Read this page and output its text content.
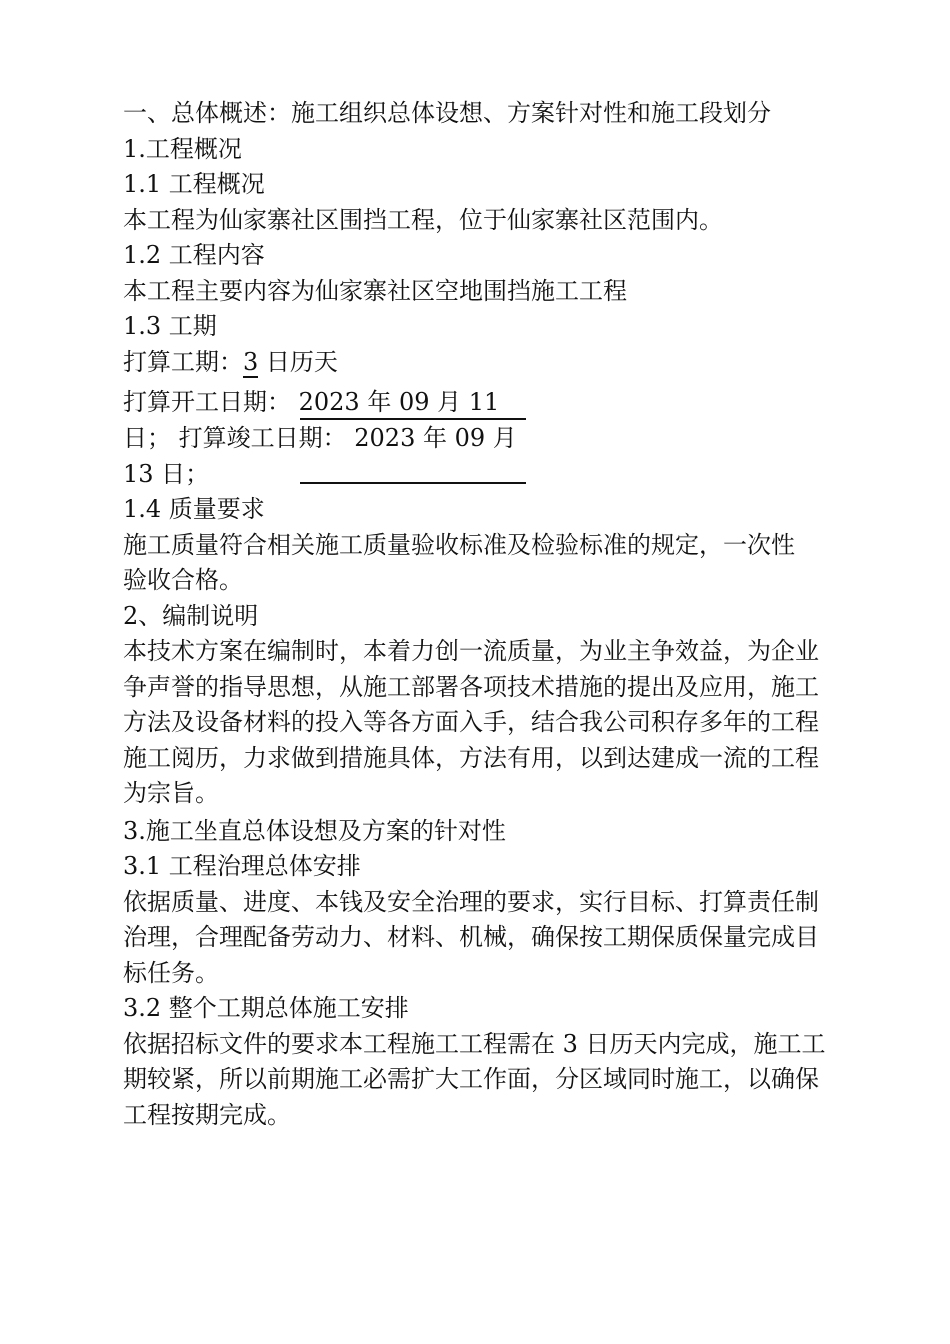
一、总体概述：施工组织总体设想、方案针对性和施工段划分
1.工程概况
1.1 工程概况
本工程为仙家寨社区围挡工程，位于仙家寨社区范围内。
1.2 工程内容
本工程主要内容为仙家寨社区空地围挡施工工程
1.3 工期
打算工期：3 日历天
打算开工日期： 2023 年 09 月 11
日； 打算竣工日期： 2023 年 09 月
13 日；
1.4 质量要求
施工质量符合相关施工质量验收标准及检验标准的规定，一次性
验收合格。
2、编制说明
本技术方案在编制时，本着力创一流质量，为业主争效益，为企业争声誉的指导思想，从施工部署各项技术措施的提出及应用，施工方法及设备材料的投入等各方面入手，结合我公司积存多年的工程施工阅历，力求做到措施具体，方法有用，以到达建成一流的工程为宗旨。
3.施工坐直总体设想及方案的针对性
3.1 工程治理总体安排
依据质量、进度、本钱及安全治理的要求，实行目标、打算责任制治理，合理配备劳动力、材料、机械，确保按工期保质保量完成目标任务。
3.2 整个工期总体施工安排
依据招标文件的要求本工程施工工程需在 3 日历天内完成，施工工期较紧，所以前期施工必需扩大工作面，分区域同时施工，以确保工程按期完成。
